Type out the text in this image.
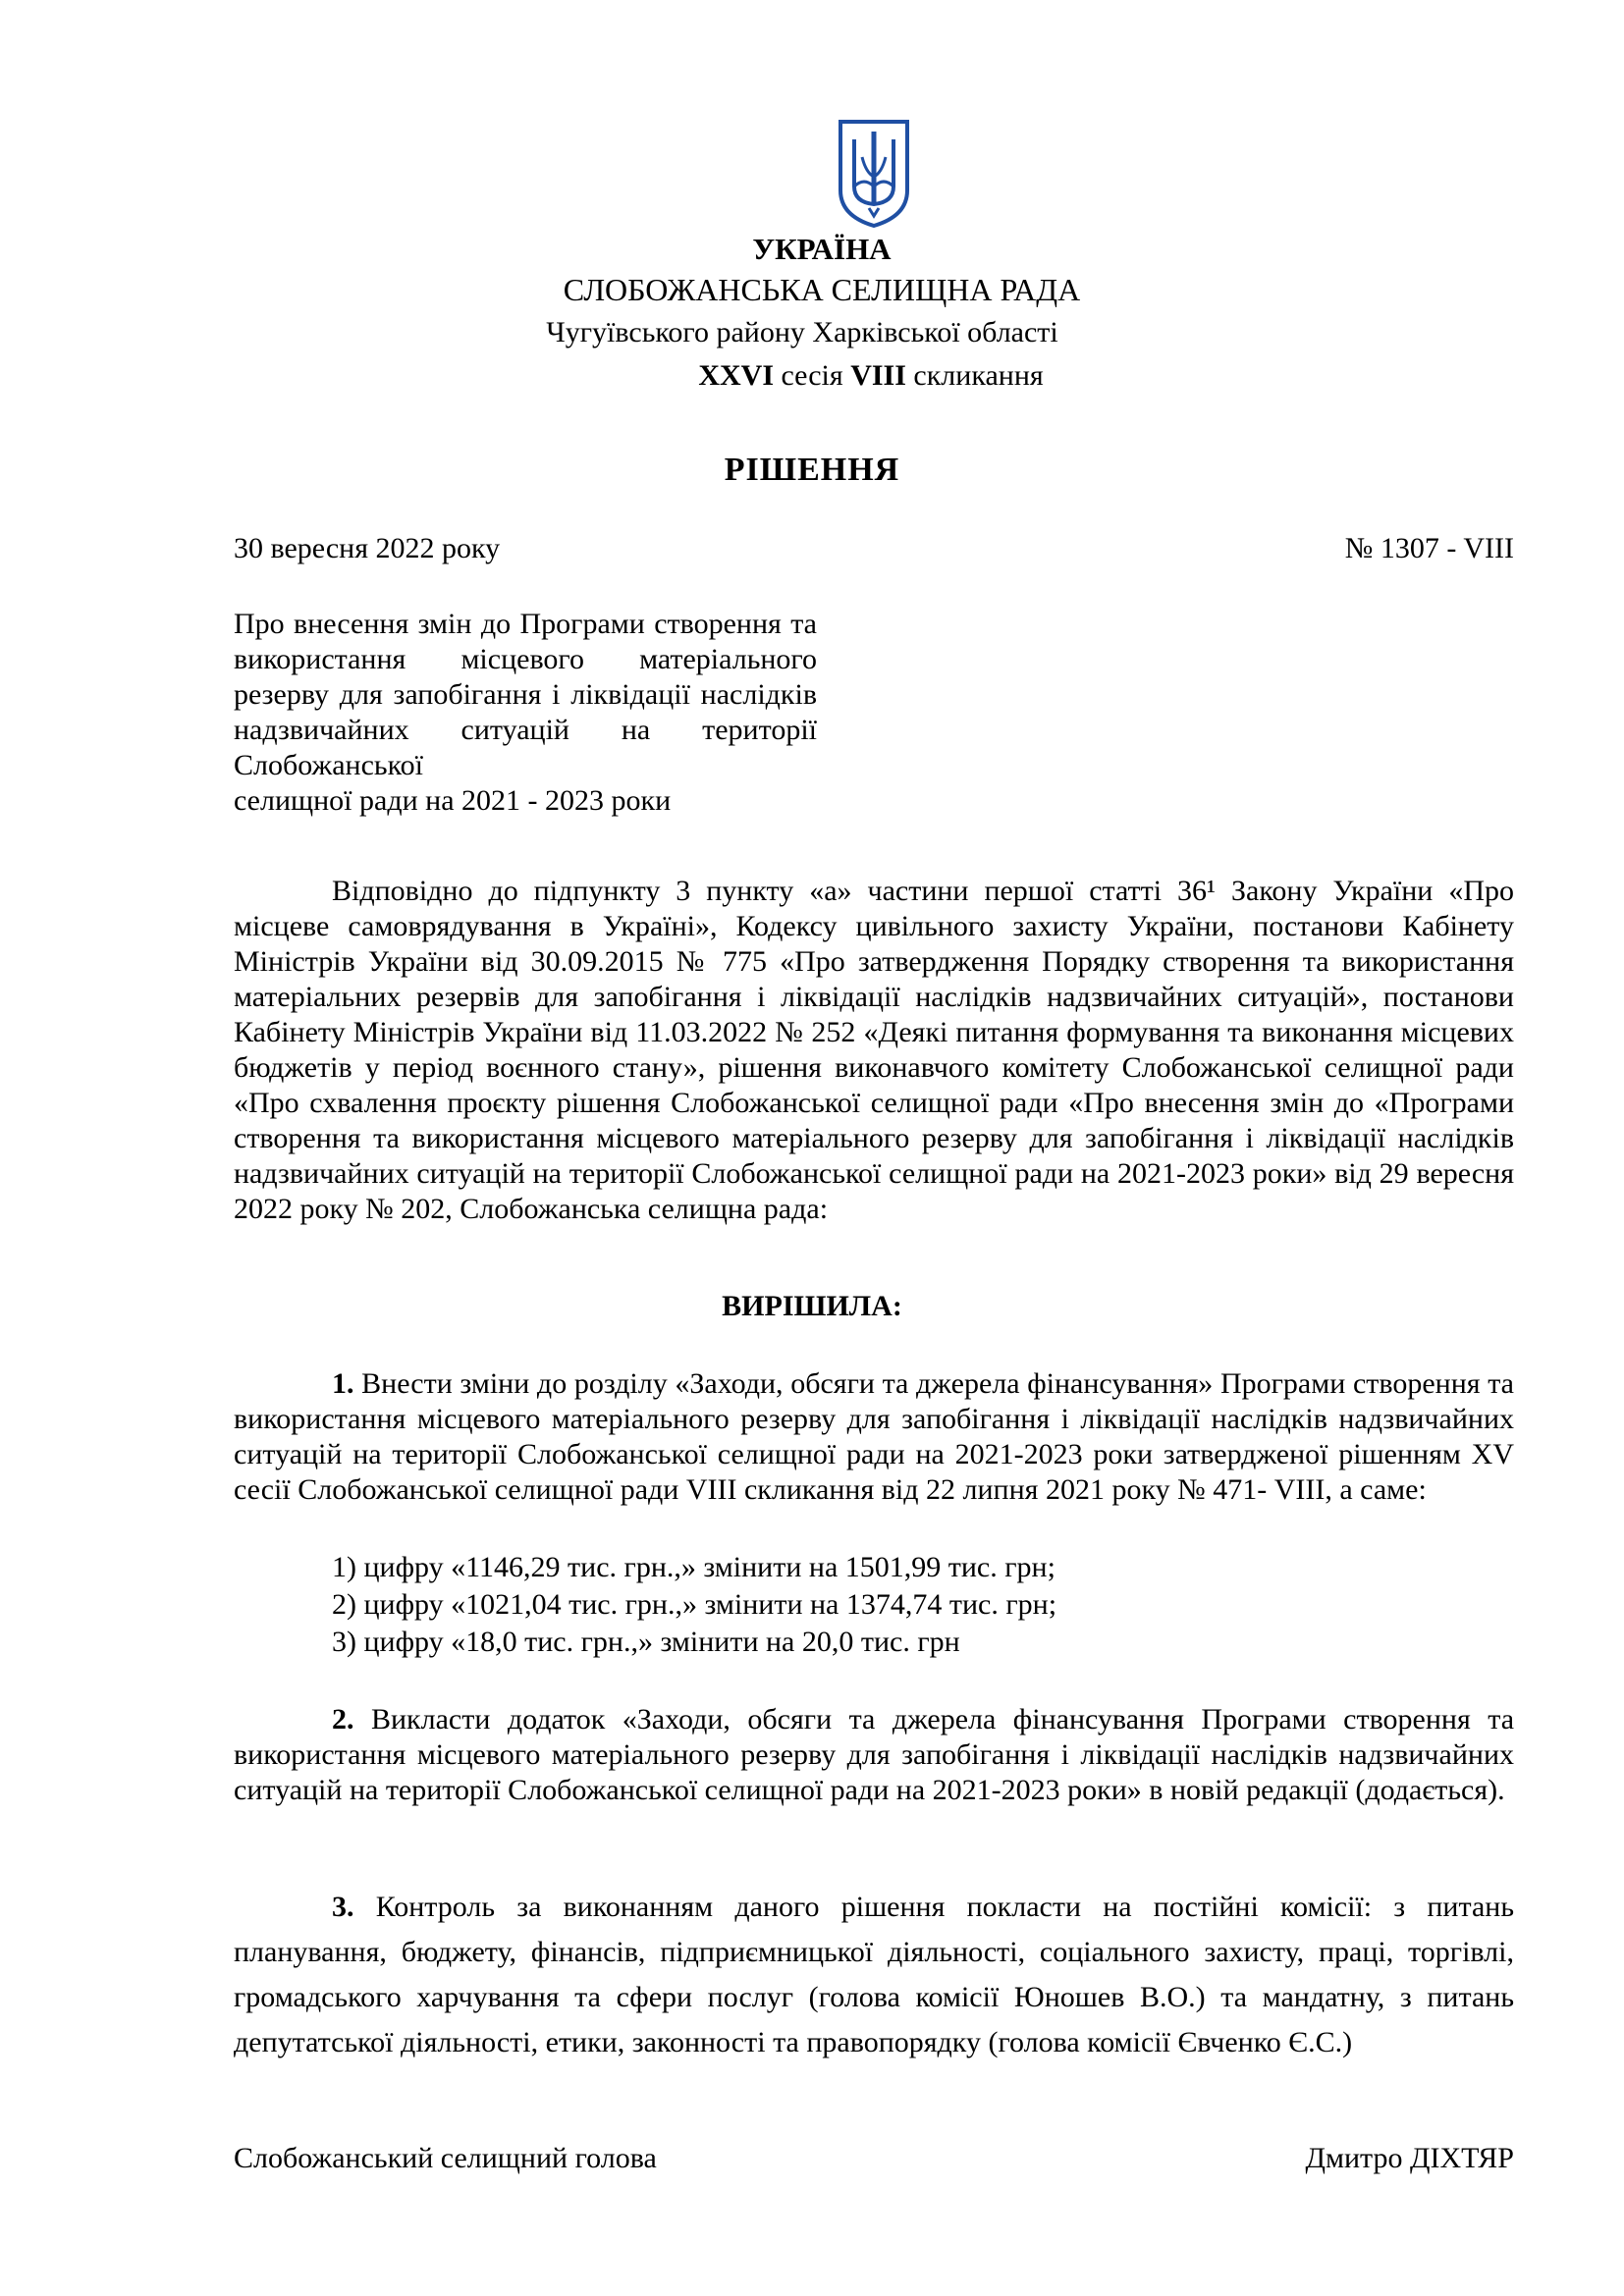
УКРАЇНА
СЛОБОЖАНСЬКА СЕЛИЩНА РАДА
Чугуївського району Харківської області
XXVI сесія VIII скликання
РІШЕННЯ
30 вересня 2022 року	№ 1307 - VIII
Про внесення змін до Програми створення та використання місцевого матеріального резерву для запобігання і ліквідації наслідків надзвичайних ситуацій на території Слобожанської
селищної ради на 2021 - 2023 роки
Відповідно до підпункту 3 пункту «а» частини першої статті 36¹ Закону України «Про місцеве самоврядування в Україні», Кодексу цивільного захисту України, постанови Кабінету Міністрів України від 30.09.2015 № 775 «Про затвердження Порядку створення та використання матеріальних резервів для запобігання і ліквідації наслідків надзвичайних ситуацій», постанови Кабінету Міністрів України від 11.03.2022 № 252 «Деякі питання формування та виконання місцевих бюджетів у період воєнного стану», рішення виконавчого комітету Слобожанської селищної ради «Про схвалення проєкту рішення Слобожанської селищної ради «Про внесення змін до «Програми створення та використання місцевого матеріального резерву для запобігання і ліквідації наслідків надзвичайних ситуацій на території Слобожанської селищної ради на 2021-2023 роки» від 29 вересня 2022 року № 202, Слобожанська селищна рада:
ВИРІШИЛА:
1. Внести зміни до розділу «Заходи, обсяги та джерела фінансування» Програми створення та використання місцевого матеріального резерву для запобігання і ліквідації наслідків надзвичайних ситуацій на території Слобожанської селищної ради на 2021-2023 роки затвердженої рішенням XV сесії Слобожанської селищної ради VIII скликання від 22 липня 2021 року № 471- VIII, а саме:
1) цифру «1146,29 тис. грн.,» змінити на 1501,99 тис. грн;
2) цифру «1021,04 тис. грн.,» змінити на 1374,74 тис. грн;
3) цифру «18,0 тис. грн.,» змінити на 20,0 тис. грн
2. Викласти додаток «Заходи, обсяги та джерела фінансування Програми створення та використання місцевого матеріального резерву для запобігання і ліквідації наслідків надзвичайних ситуацій на території Слобожанської селищної ради на 2021-2023 роки» в новій редакції (додається).
3. Контроль за виконанням даного рішення покласти на постійні комісії: з питань планування, бюджету, фінансів, підприємницької діяльності, соціального захисту, праці, торгівлі, громадського харчування та сфери послуг (голова комісії Юношев В.О.) та мандатну, з питань депутатської діяльності, етики, законності та правопорядку (голова комісії Євченко Є.С.)
Слобожанський селищний голова	Дмитро ДІХТЯР
